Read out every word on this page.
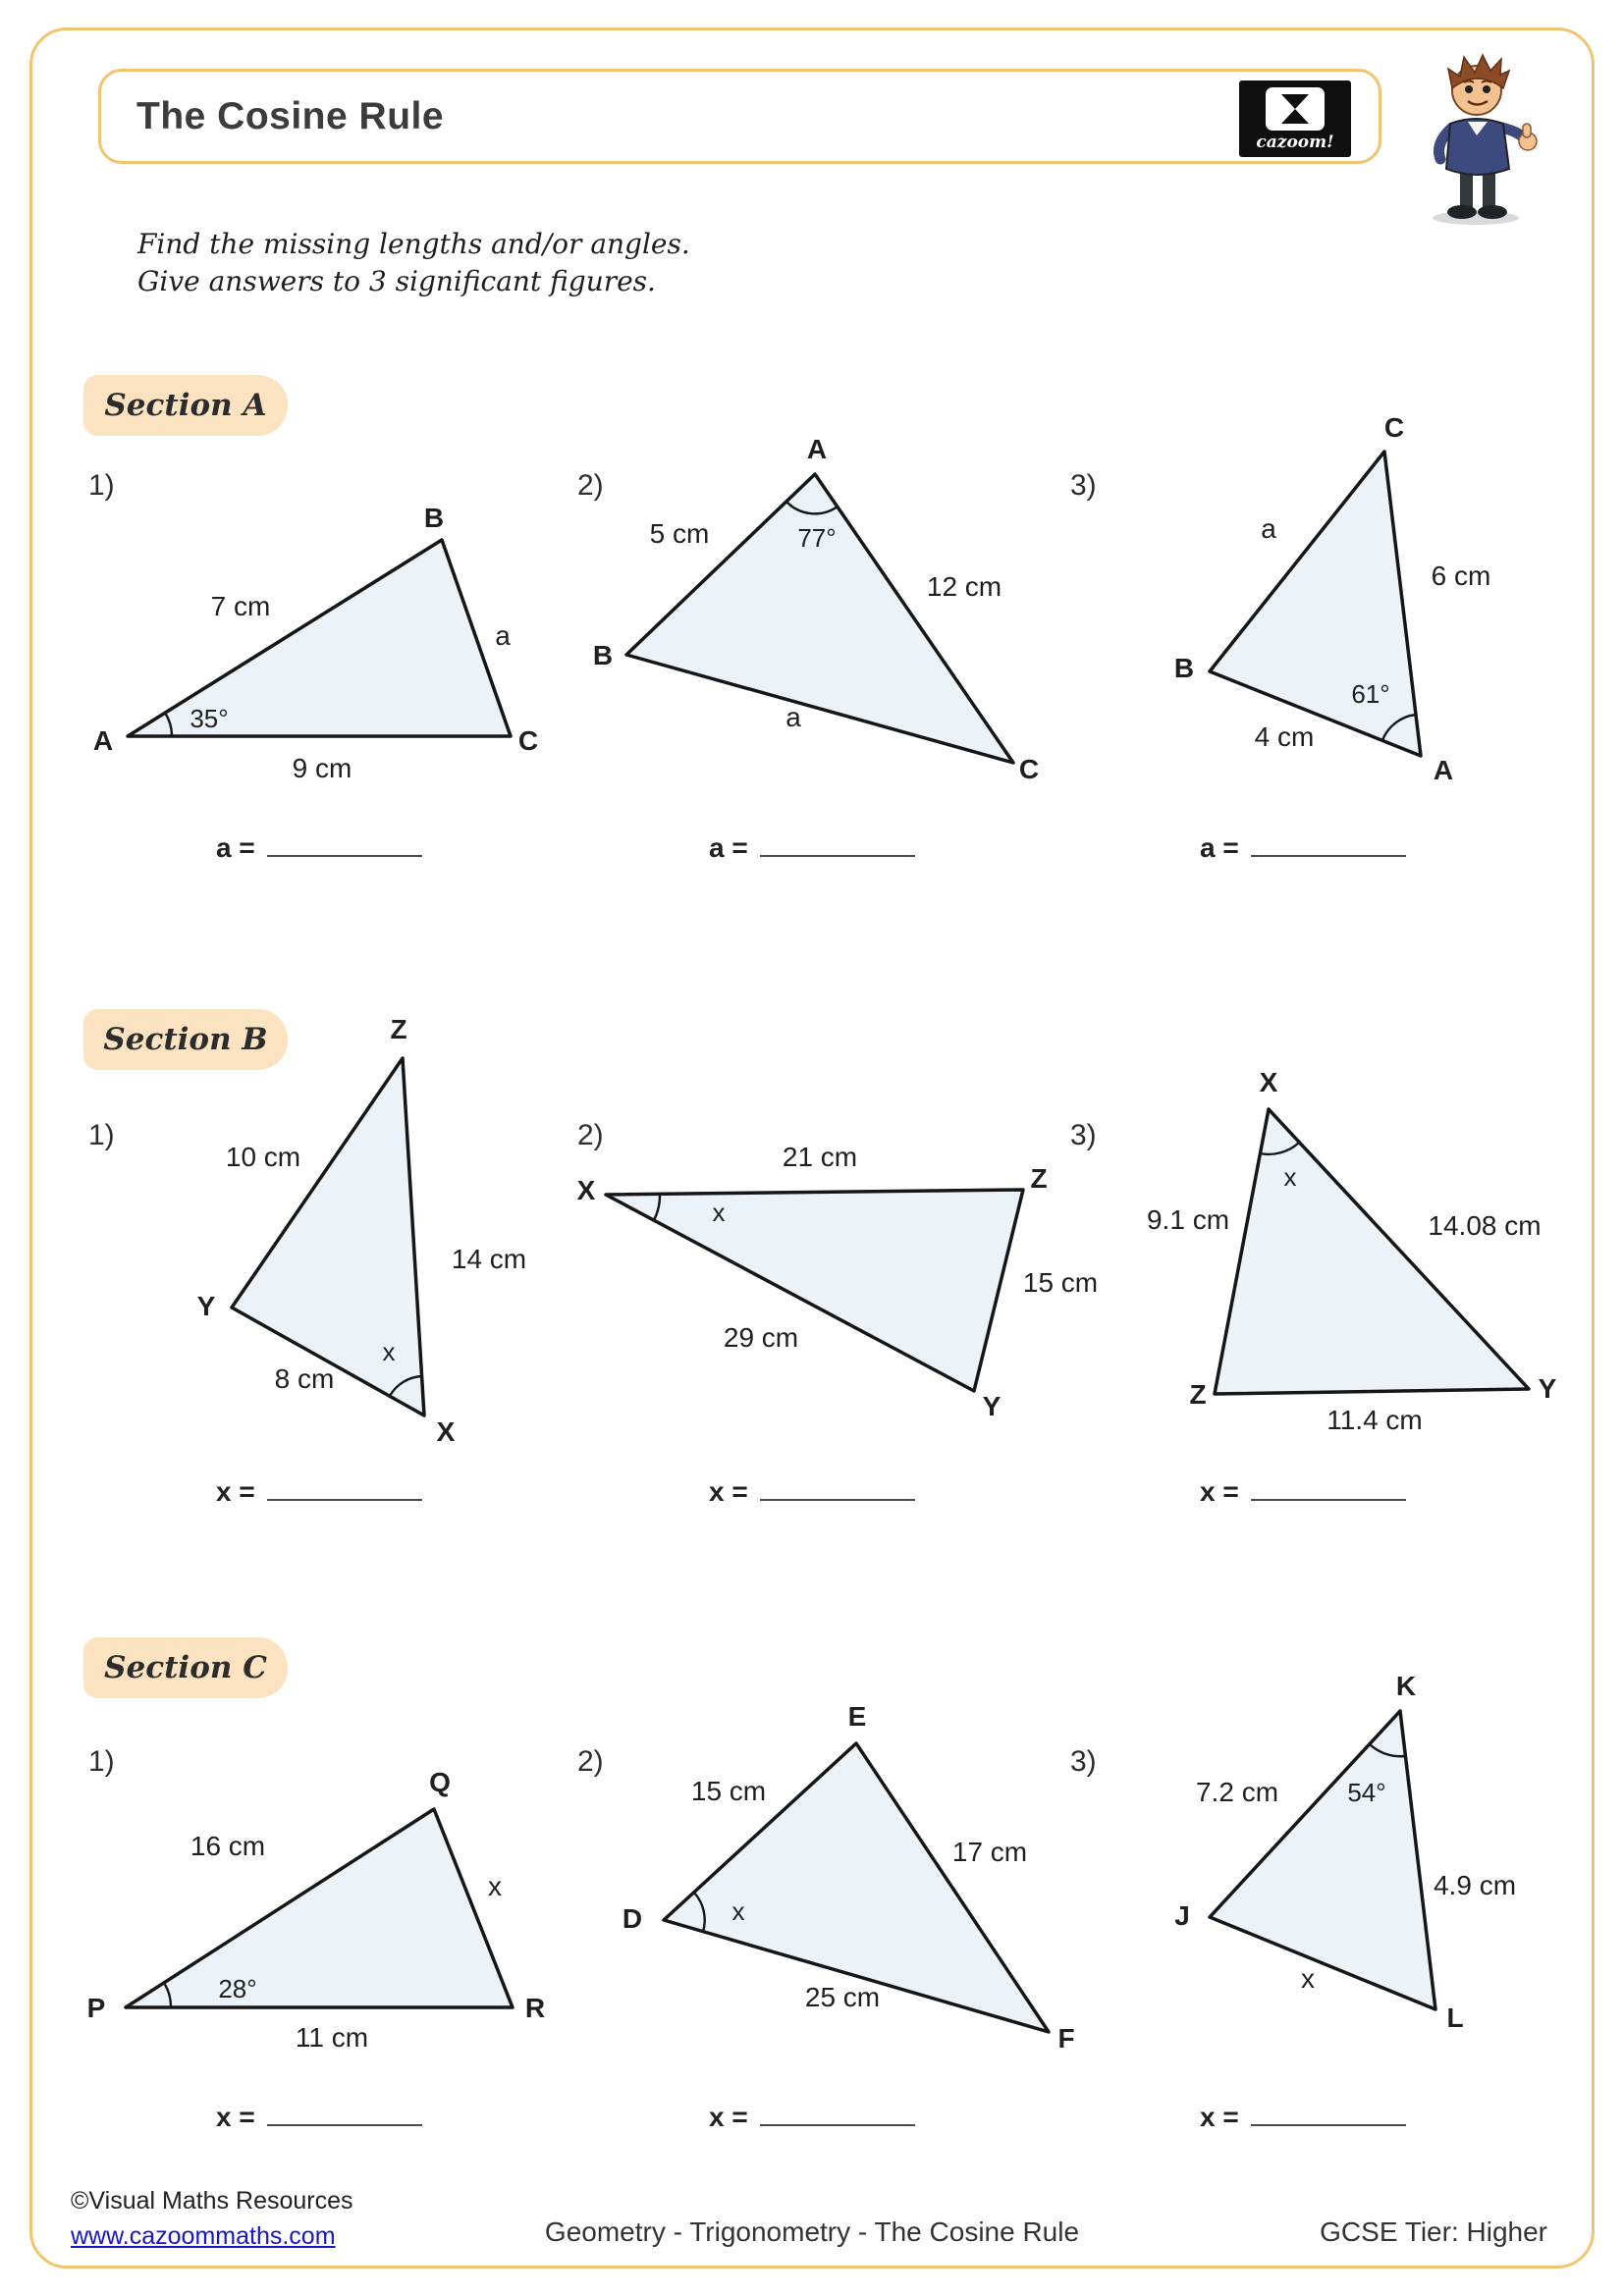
The Cosine Rule
cazoom!
Find the missing lengths and/or angles.
Give answers to 3 significant figures.
Section A
1)	2)	3)
B
A	C
7 cm
a
9 cm
35°
A
B
C
5 cm
12 cm
a
77°
C
B
A
a
6 cm
4 cm
61°
a =	a =	a =
Section B
1)	2)	3)
Z
Y
X
10 cm
14 cm
8 cm
x
X	Z
Y
21 cm
15 cm
29 cm
x
X
Z	Y
9.1 cm	14.08 cm
11.4 cm
x
x =	x =	x =
Section C
1)	2)	3)
Q
P	R
16 cm
x
11 cm
28°
E
D
F
15 cm
17 cm
25 cm
x
K
J
L
7.2 cm
4.9 cm
x
54°
x =	x =	x =
©Visual Maths Resources
www.cazoommaths.com	Geometry - Trigonometry - The Cosine Rule	GCSE Tier: Higher
